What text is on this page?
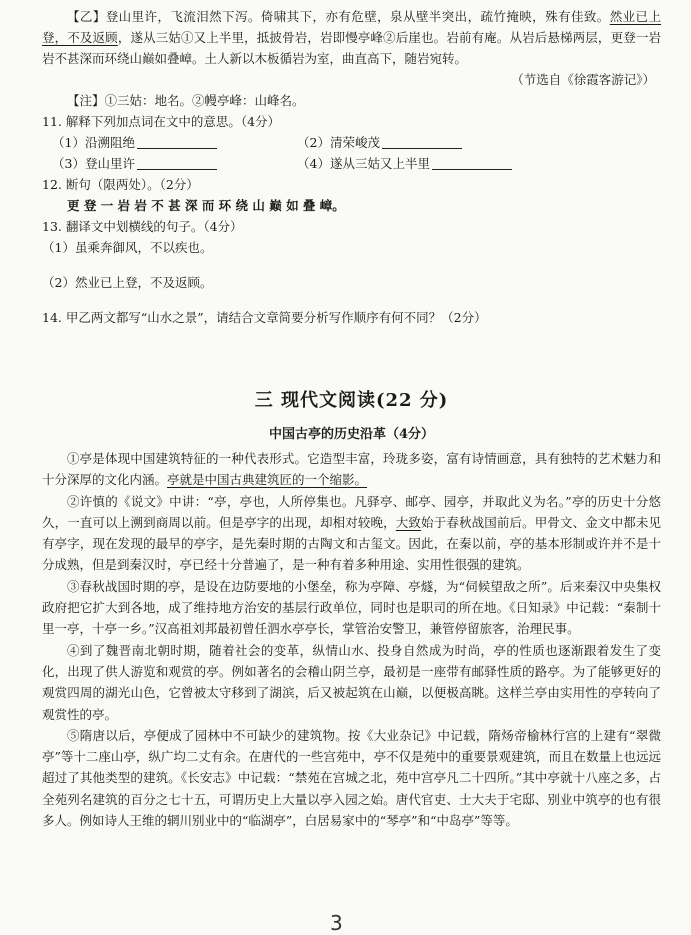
【乙】登山里许，飞流泪然下泻。倚啸其下，亦有危壁，泉从壁半突出，疏竹掩映，殊有佳致。然业已上登，不及返顾，遂从三姑①又上半里，抵披骨岩，岩即慢亭峰②后崖也。岩前有庵。从岩后悬梯两层，更登一岩岩不甚深而环绕山巅如叠嶂。土人新以木板循岩为室，曲直高下，随岩宛转。

（节选自《徐霞客游记》）

【注】①三姑：地名。②幔亭峰：山峰名。

11. 解释下列加点词在文中的意思。（4分）

（1）沿溯阻绝	（2）清荣峻茂
（3）登山里许	（4）遂从三姑又上半里

12. 断句（限两处）。（2分）

更 登 一 岩 岩 不 甚 深 而 环 绕 山 巅 如 叠 嶂。

13. 翻译文中划横线的句子。（4分）

（1）虽乘奔御风，不以疾也。

（2）然业已上登，不及返顾。

14. 甲乙两文都写“山水之景”，请结合文章简要分析写作顺序有何不同？（2分）

三 现代文阅读(22 分)
中国古亭的历史沿革（4分）

①亭是体现中国建筑特征的一种代表形式。它造型丰富，玲珑多姿，富有诗情画意，具有独特的艺术魅力和十分深厚的文化内涵。亭就是中国古典建筑匠的一个缩影。

②许慎的《说文》中讲：“亭，亭也，人所停集也。凡驿亭、邮亭、园亭，并取此义为名。”亭的历史十分悠久，一直可以上溯到商周以前。但是亭字的出现，却相对较晚，大致始于春秋战国前后。甲骨文、金文中都未见有亭字，现在发现的最早的亭字，是先秦时期的古陶文和古玺文。因此，在秦以前，亭的基本形制或许并不是十分成熟，但是到秦汉时，亭已经十分普遍了，是一种有着多种用途、实用性很强的建筑。

③春秋战国时期的亭，是设在边防要地的小堡垒，称为亭障、亭燧，为“伺候望敌之所”。后来秦汉中央集权政府把它扩大到各地，成了维持地方治安的基层行政单位，同时也是职司的所在地。《日知录》中记载：“秦制十里一亭，十亭一乡。”汉高祖刘邦最初曾任泗水亭亭长，掌管治安警卫，兼管停留旅客，治理民事。

④到了魏晋南北朝时期，随着社会的变革，纵情山水、投身自然成为时尚，亭的性质也逐渐跟着发生了变化，出现了供人游览和观赏的亭。例如著名的会稽山阴兰亭，最初是一座带有邮驿性质的路亭。为了能够更好的观赏四周的湖光山色，它曾被太守移到了湖滨，后又被起筑在山巅，以便极高眺。这样兰亭由实用性的亭转向了观赏性的亭。

⑤隋唐以后，亭便成了园林中不可缺少的建筑物。按《大业杂记》中记载，隋炀帝榆林行宫的上建有“翠微亭”等十二座山亭，纵广均二丈有余。在唐代的一些宫苑中，亭不仅是苑中的重要景观建筑，而且在数量上也远远超过了其他类型的建筑。《长安志》中记载：“禁苑在宫城之北，苑中宫亭凡二十四所。”其中亭就十八座之多，占全苑列名建筑的百分之七十五，可谓历史上大量以亭入园之始。唐代官吏、士大夫于宅邸、别业中筑亭的也有很多人。例如诗人王维的辋川别业中的“临湖亭”，白居易家中的“琴亭”和“中岛亭”等等。

3
